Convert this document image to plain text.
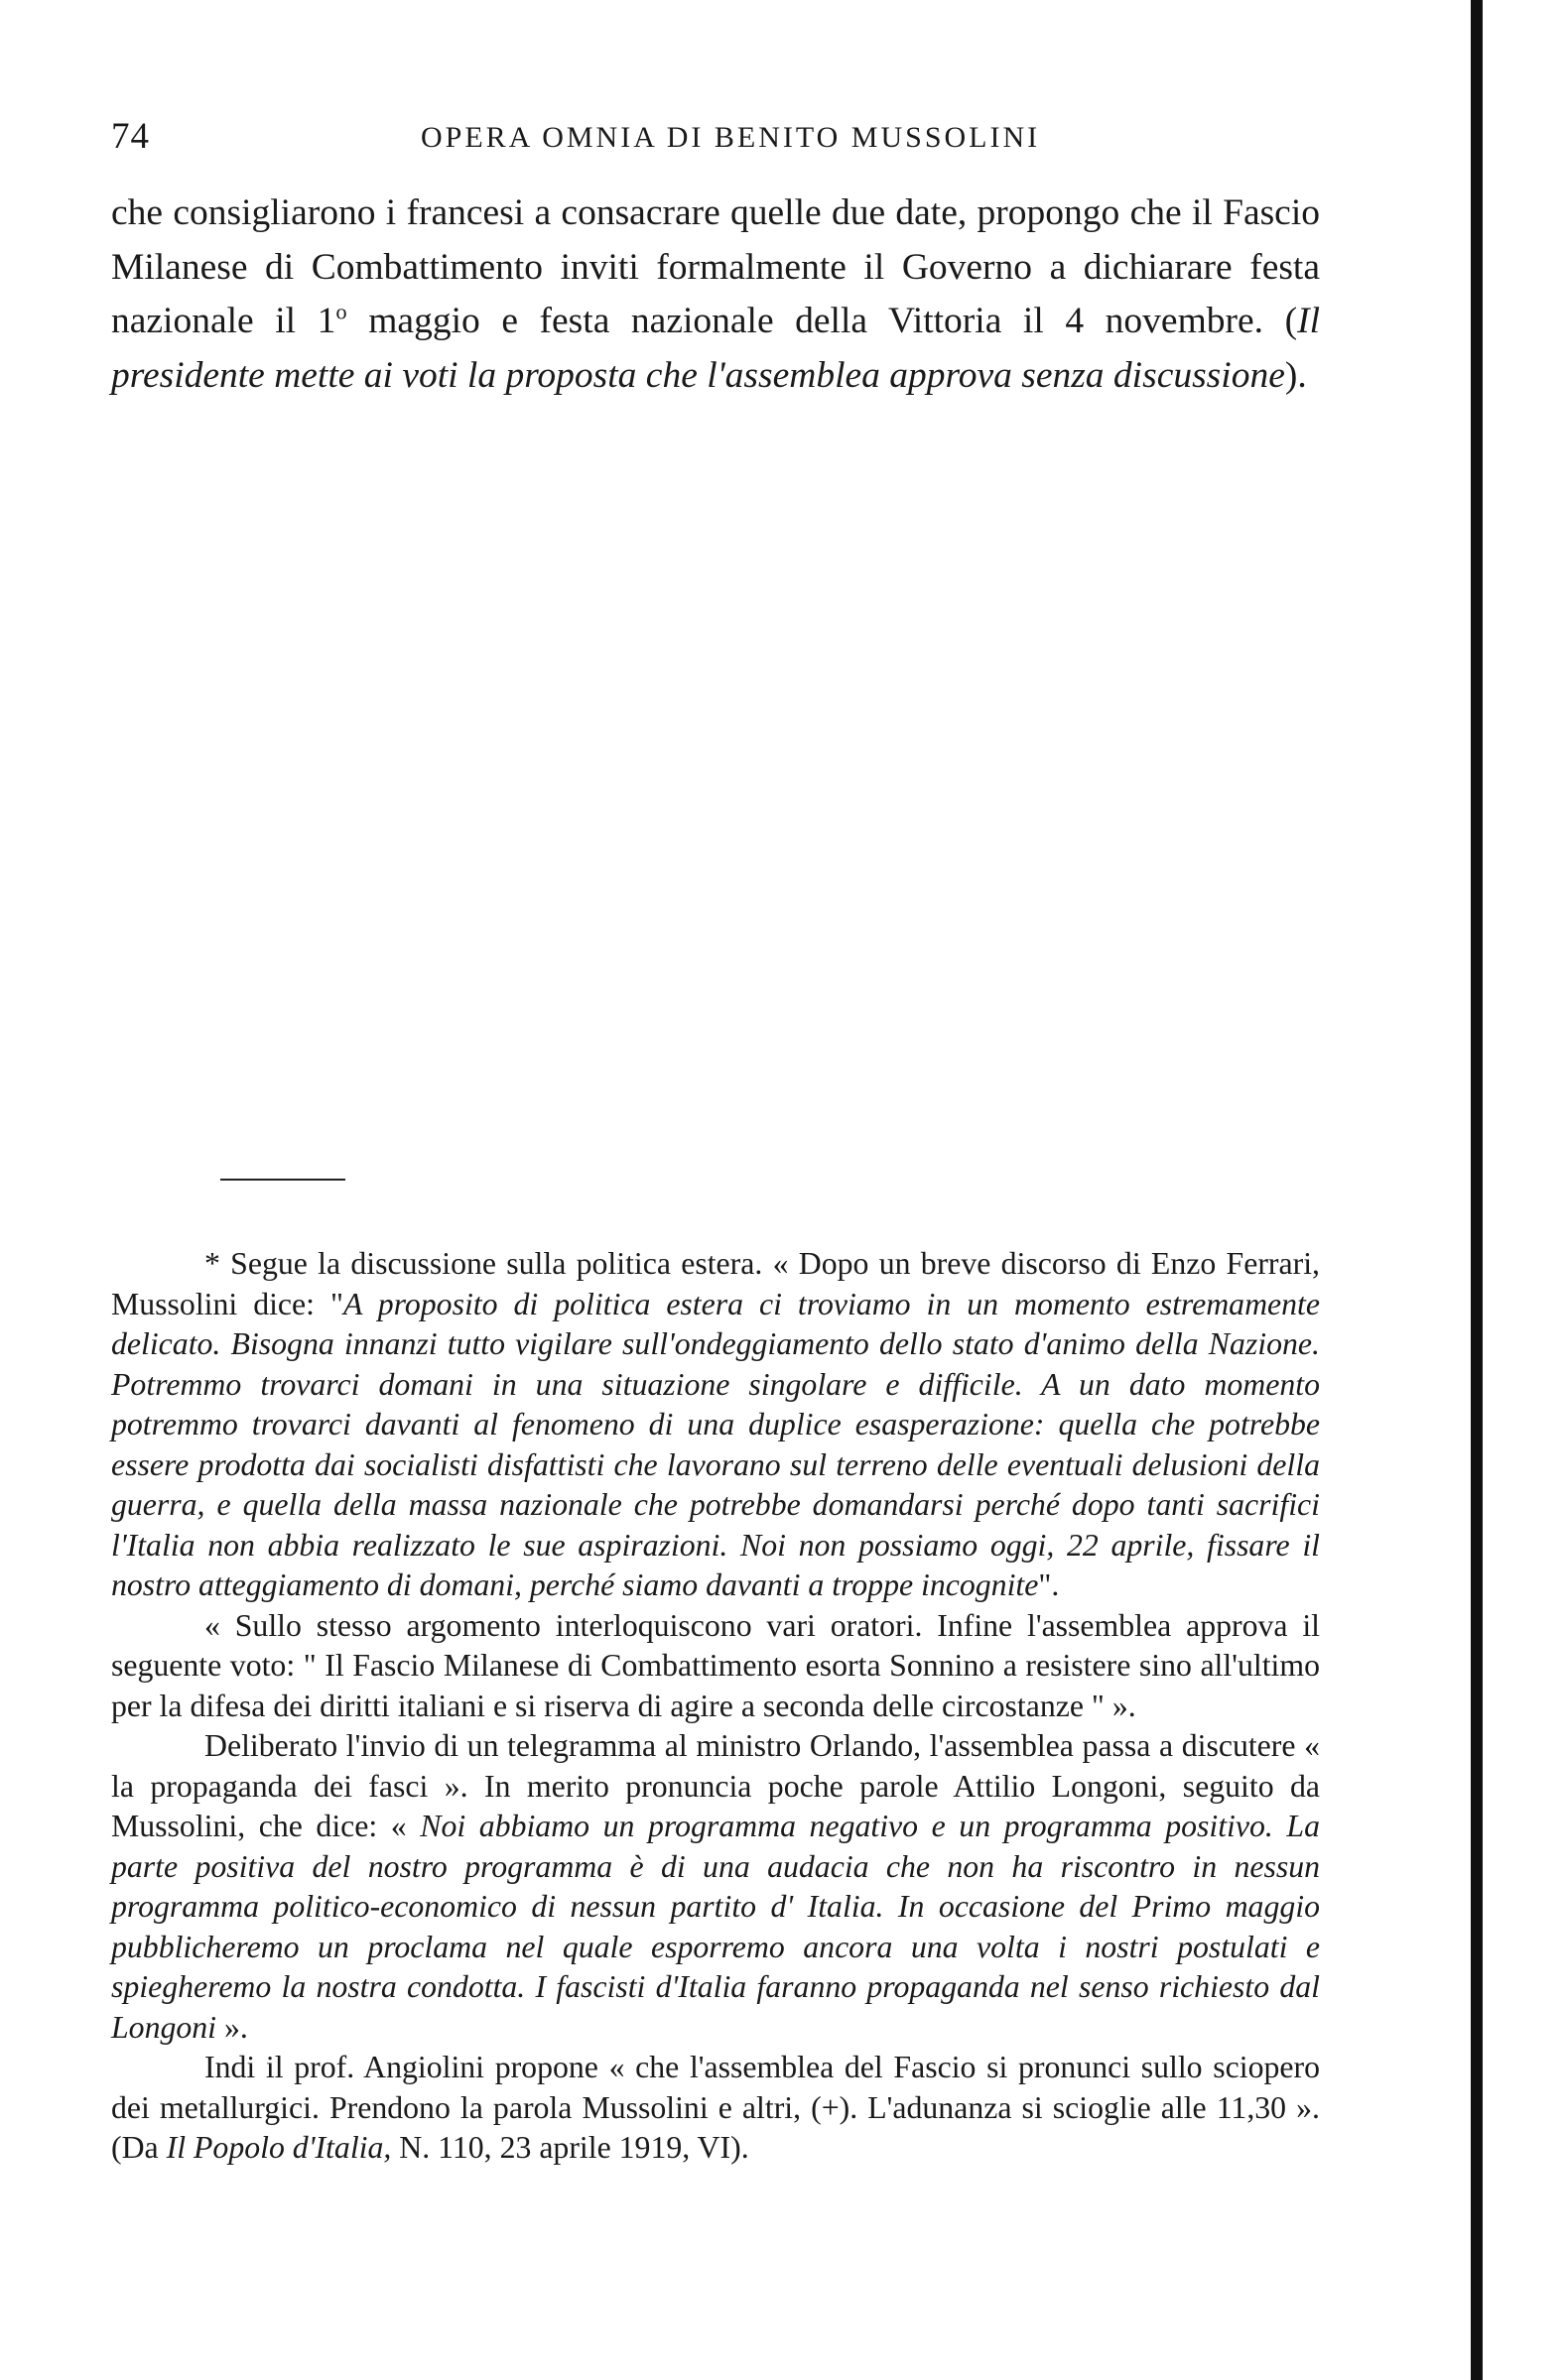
74	OPERA OMNIA DI BENITO MUSSOLINI

che consigliarono i francesi a consacrare quelle due date, propongo che il Fascio Milanese di Combattimento inviti formalmente il Governo a dichiarare festa nazionale il 1$^o$ maggio e festa nazionale della Vittoria il 4 novembre. (Il presidente mette ai voti la proposta che l'assemblea approva senza discussione).

* Segue la discussione sulla politica estera. « Dopo un breve discorso di Enzo Ferrari, Mussolini dice: "A proposito di politica estera ci troviamo in un momento estremamente delicato. Bisogna innanzi tutto vigilare sull'ondeggiamento dello stato d'animo della Nazione. Potremmo trovarci domani in una situazione singolare e difficile. A un dato momento potremmo trovarci davanti al fenomeno di una duplice esasperazione: quella che potrebbe essere prodotta dai socialisti disfattisti che lavorano sul terreno delle eventuali delusioni della guerra, e quella della massa nazionale che potrebbe domandarsi perché dopo tanti sacrifici l'Italia non abbia realizzato le sue aspirazioni. Noi non possiamo oggi, 22 aprile, fissare il nostro atteggiamento di domani, perché siamo davanti a troppe incognite".

« Sullo stesso argomento interloquiscono vari oratori. Infine l'assemblea approva il seguente voto: " Il Fascio Milanese di Combattimento esorta Sonnino a resistere sino all'ultimo per la difesa dei diritti italiani e si riserva di agire a seconda delle circostanze " ».

Deliberato l'invio di un telegramma al ministro Orlando, l'assemblea passa a discutere « la propaganda dei fasci ». In merito pronuncia poche parole Attilio Longoni, seguito da Mussolini, che dice: « Noi abbiamo un programma negativo e un programma positivo. La parte positiva del nostro programma è di una audacia che non ha riscontro in nessun programma politico-economico di nessun partito d' Italia. In occasione del Primo maggio pubblicheremo un proclama nel quale esporremo ancora una volta i nostri postulati e spiegheremo la nostra condotta. I fascisti d'Italia faranno propaganda nel senso richiesto dal Longoni ».

Indi il prof. Angiolini propone « che l'assemblea del Fascio si pronunci sullo sciopero dei metallurgici. Prendono la parola Mussolini e altri, (+). L'adunanza si scioglie alle 11,30 ». (Da Il Popolo d'Italia, N. 110, 23 aprile 1919, VI).
